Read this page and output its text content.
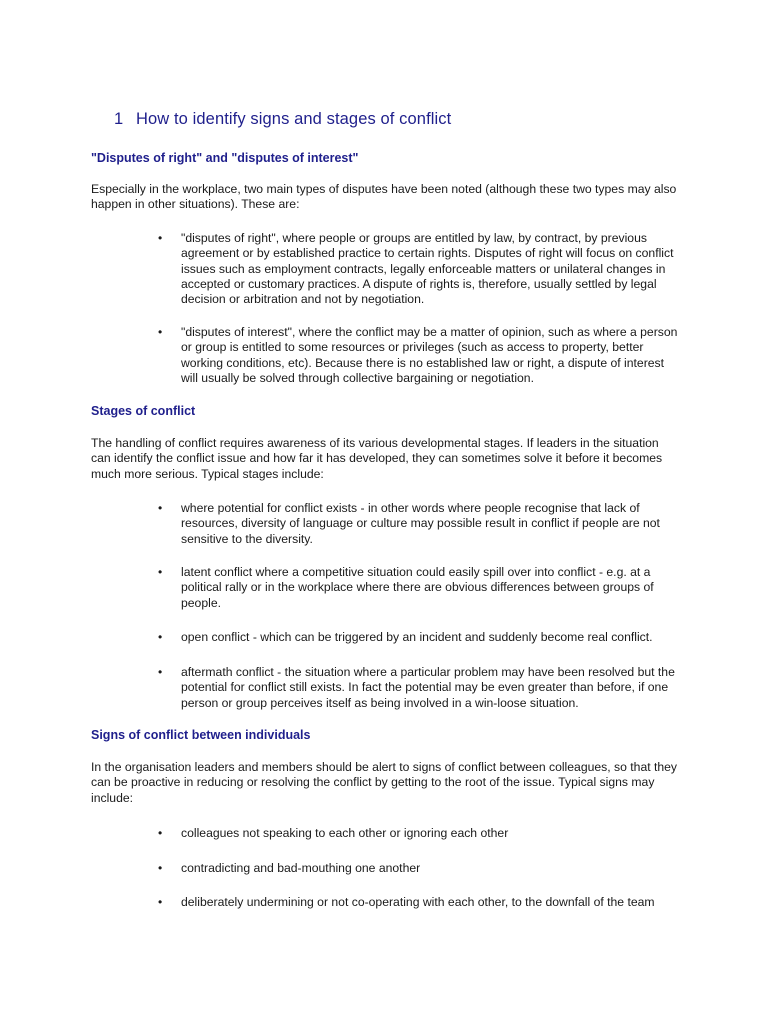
1 How to identify signs and stages of conflict
"Disputes of right" and "disputes of interest"

Especially in the workplace, two main types of disputes have been noted (although these two types may also happen in other situations). These are:

• "disputes of right", where people or groups are entitled by law, by contract, by previous agreement or by established practice to certain rights. Disputes of right will focus on conflict issues such as employment contracts, legally enforceable matters or unilateral changes in accepted or customary practices. A dispute of rights is, therefore, usually settled by legal decision or arbitration and not by negotiation.
• "disputes of interest", where the conflict may be a matter of opinion, such as where a person or group is entitled to some resources or privileges (such as access to property, better working conditions, etc). Because there is no established law or right, a dispute of interest will usually be solved through collective bargaining or negotiation.
Stages of conflict

The handling of conflict requires awareness of its various developmental stages. If leaders in the situation can identify the conflict issue and how far it has developed, they can sometimes solve it before it becomes much more serious. Typical stages include:

• where potential for conflict exists - in other words where people recognise that lack of resources, diversity of language or culture may possible result in conflict if people are not sensitive to the diversity.
• latent conflict where a competitive situation could easily spill over into conflict - e.g. at a political rally or in the workplace where there are obvious differences between groups of people.
• open conflict - which can be triggered by an incident and suddenly become real conflict.
• aftermath conflict - the situation where a particular problem may have been resolved but the potential for conflict still exists. In fact the potential may be even greater than before, if one person or group perceives itself as being involved in a win-loose situation.
Signs of conflict between individuals

In the organisation leaders and members should be alert to signs of conflict between colleagues, so that they can be proactive in reducing or resolving the conflict by getting to the root of the issue. Typical signs may include:

• colleagues not speaking to each other or ignoring each other
• contradicting and bad-mouthing one another
• deliberately undermining or not co-operating with each other, to the downfall of the team
